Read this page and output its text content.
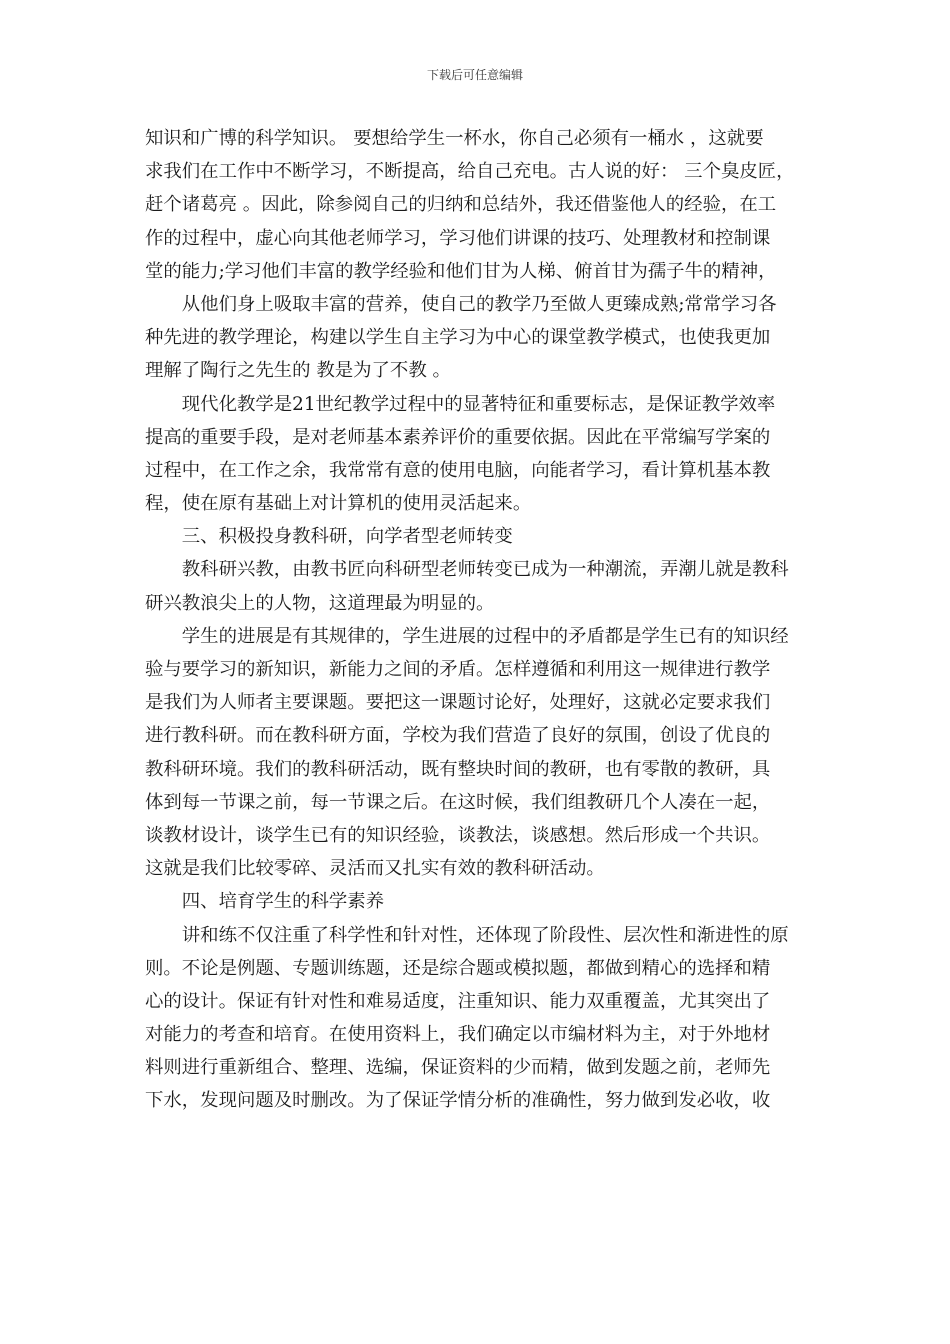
下载后可任意编辑
知识和广博的科学知识。 要想给学生一杯水，你自己必须有一桶水 ，这就要
求我们在工作中不断学习，不断提高，给自己充电。古人说的好： 三个臭皮匠，
赶个诸葛亮 。因此，除参阅自己的归纳和总结外，我还借鉴他人的经验，在工
作的过程中，虚心向其他老师学习，学习他们讲课的技巧、处理教材和控制课
堂的能力;学习他们丰富的教学经验和他们甘为人梯、俯首甘为孺子牛的精神，
　　从他们身上吸取丰富的营养，使自己的教学乃至做人更臻成熟;常常学习各
种先进的教学理论，构建以学生自主学习为中心的课堂教学模式，也使我更加
理解了陶行之先生的 教是为了不教 。
　　现代化教学是21世纪教学过程中的显著特征和重要标志，是保证教学效率
提高的重要手段，是对老师基本素养评价的重要依据。因此在平常编写学案的
过程中，在工作之余，我常常有意的使用电脑，向能者学习，看计算机基本教
程，使在原有基础上对计算机的使用灵活起来。
　　三、积极投身教科研，向学者型老师转变
　　教科研兴教，由教书匠向科研型老师转变已成为一种潮流，弄潮儿就是教科
研兴教浪尖上的人物，这道理最为明显的。
　　学生的进展是有其规律的，学生进展的过程中的矛盾都是学生已有的知识经
验与要学习的新知识，新能力之间的矛盾。怎样遵循和利用这一规律进行教学
是我们为人师者主要课题。要把这一课题讨论好，处理好，这就必定要求我们
进行教科研。而在教科研方面，学校为我们营造了良好的氛围，创设了优良的
教科研环境。我们的教科研活动，既有整块时间的教研，也有零散的教研，具
体到每一节课之前，每一节课之后。在这时候，我们组教研几个人凑在一起，
谈教材设计，谈学生已有的知识经验，谈教法，谈感想。然后形成一个共识。
这就是我们比较零碎、灵活而又扎实有效的教科研活动。
　　四、培育学生的科学素养
　　讲和练不仅注重了科学性和针对性，还体现了阶段性、层次性和渐进性的原
则。不论是例题、专题训练题，还是综合题或模拟题，都做到精心的选择和精
心的设计。保证有针对性和难易适度，注重知识、能力双重覆盖，尤其突出了
对能力的考查和培育。在使用资料上，我们确定以市编材料为主，对于外地材
料则进行重新组合、整理、选编，保证资料的少而精，做到发题之前，老师先
下水，发现问题及时删改。为了保证学情分析的准确性，努力做到发必收，收
